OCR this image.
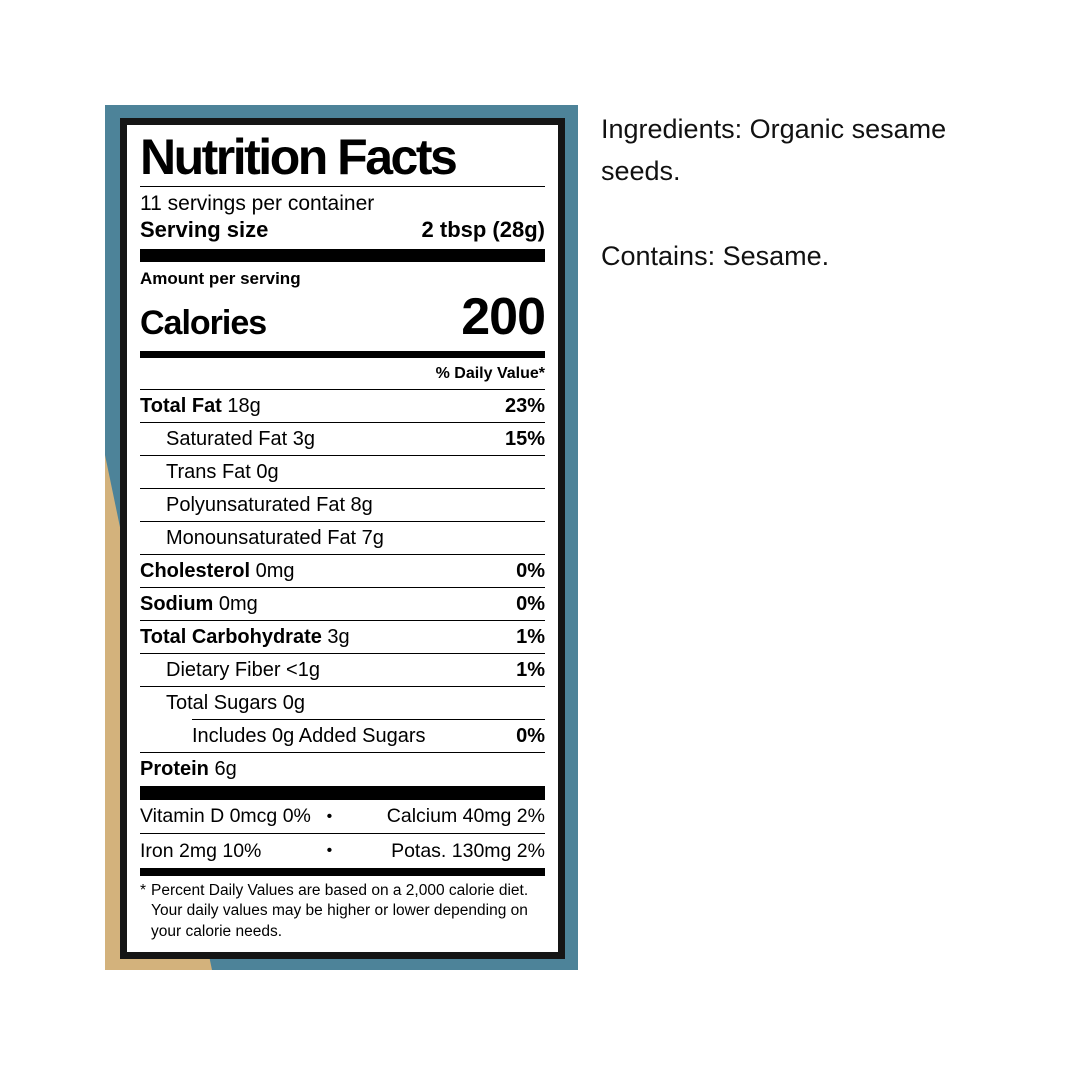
Nutrition Facts
11 servings per container
Serving size	2 tbsp (28g)
Amount per serving
Calories	200
% Daily Value*
Total Fat 18g	23%
Saturated Fat 3g	15%
Trans Fat 0g
Polyunsaturated Fat 8g
Monounsaturated Fat 7g
Cholesterol 0mg	0%
Sodium 0mg	0%
Total Carbohydrate 3g	1%
Dietary Fiber <1g	1%
Total Sugars 0g
Includes 0g Added Sugars	0%
Protein 6g
Vitamin D 0mcg 0% •	Calcium 40mg 2%
Iron 2mg 10%	•	Potas. 130mg 2%
* Percent Daily Values are based on a 2,000 calorie diet. Your daily values may be higher or lower depending on your calorie needs.
Ingredients: Organic sesame seeds.
Contains: Sesame.
